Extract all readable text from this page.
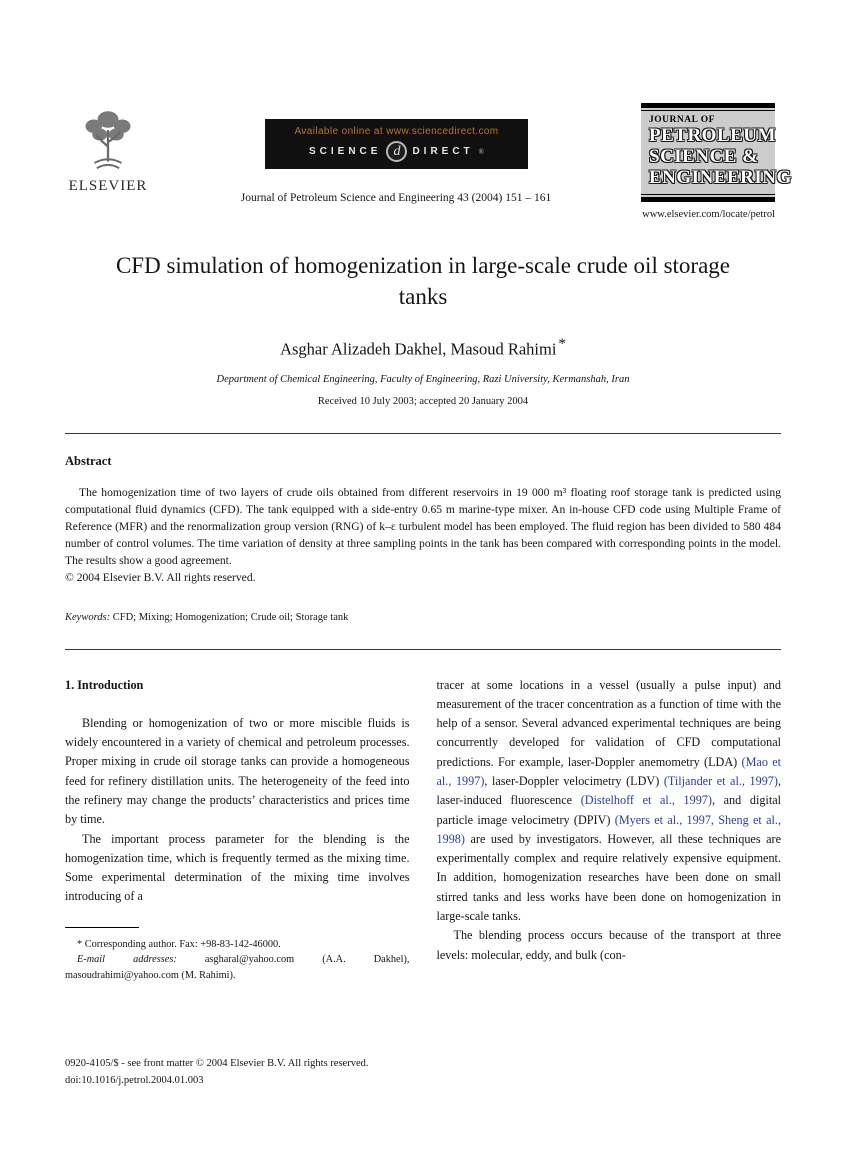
ELSEVIER
Available online at www.sciencedirect.com
SCIENCE d	DIRECT ®
Journal of Petroleum Science and Engineering 43 (2004) 151 – 161
JOURNAL OF
PETROLEUM
SCIENCE &
ENGINEERING
www.elsevier.com/locate/petrol
CFD simulation of homogenization in large-scale crude oil storage tanks
Asghar Alizadeh Dakhel, Masoud Rahimi *
Department of Chemical Engineering, Faculty of Engineering, Razi University, Kermanshah, Iran
Received 10 July 2003; accepted 20 January 2004
Abstract

The homogenization time of two layers of crude oils obtained from different reservoirs in 19 000 m³ floating roof storage tank is predicted using computational fluid dynamics (CFD). The tank equipped with a side-entry 0.65 m marine-type mixer. An in-house CFD code using Multiple Frame of Reference (MFR) and the renormalization group version (RNG) of k–ε turbulent model has been employed. The fluid region has been divided to 580 484 number of control volumes. The time variation of density at three sampling points in the tank has been compared with corresponding points in the model. The results show a good agreement.

© 2004 Elsevier B.V. All rights reserved.

Keywords: CFD; Mixing; Homogenization; Crude oil; Storage tank

1. Introduction

Blending or homogenization of two or more miscible fluids is widely encountered in a variety of chemical and petroleum processes. Proper mixing in crude oil storage tanks can provide a homogeneous feed for refinery distillation units. The heterogeneity of the feed into the refinery may change the products’ characteristics and prices time by time.

The important process parameter for the blending is the homogenization time, which is frequently termed as the mixing time. Some experimental determination of the mixing time involves introducing of a

* Corresponding author. Fax: +98-83-142-46000.

E-mail addresses: asgharal@yahoo.com (A.A. Dakhel), masoudrahimi@yahoo.com (M. Rahimi).

tracer at some locations in a vessel (usually a pulse input) and measurement of the tracer concentration as a function of time with the help of a sensor. Several advanced experimental techniques are being concurrently developed for validation of CFD computational predictions. For example, laser-Doppler anemometry (LDA) (Mao et al., 1997), laser-Doppler velocimetry (LDV) (Tiljander et al., 1997), laser-induced fluorescence (Distelhoff et al., 1997), and digital particle image velocimetry (DPIV) (Myers et al., 1997, Sheng et al., 1998) are used by investigators. However, all these techniques are experimentally complex and require relatively expensive equipment. In addition, homogenization researches have been done on small stirred tanks and less works have been done on homogenization in large-scale tanks.

The blending process occurs because of the transport at three levels: molecular, eddy, and bulk (con-

0920-4105/$ - see front matter © 2004 Elsevier B.V. All rights reserved.
doi:10.1016/j.petrol.2004.01.003
